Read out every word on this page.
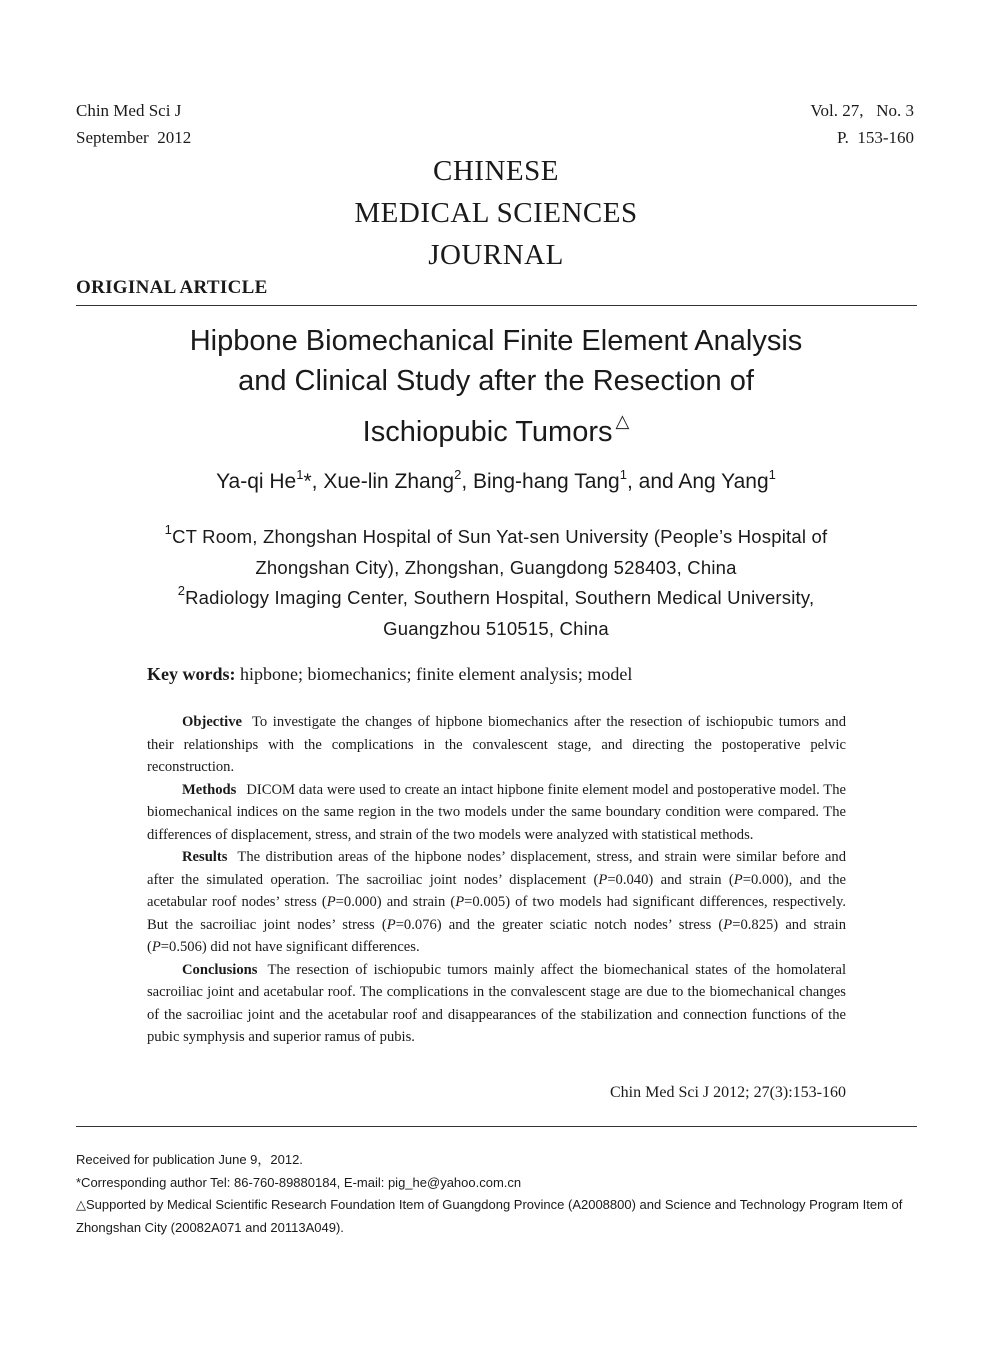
Chin Med Sci J
September  2012
Vol. 27,   No. 3
P.  153-160
CHINESE
MEDICAL SCIENCES
JOURNAL
ORIGINAL ARTICLE
Hipbone Biomechanical Finite Element Analysis
and Clinical Study after the Resection of
Ischiopubic Tumors △
Ya-qi He$^1$*, Xue-lin Zhang$^2$, Bing-hang Tang$^1$, and Ang Yang$^1$
$^1$CT Room, Zhongshan Hospital of Sun Yat-sen University (People’s Hospital of
Zhongshan City), Zhongshan, Guangdong 528403, China
$^2$Radiology Imaging Center, Southern Hospital, Southern Medical University,
Guangzhou 510515, China
Key words: hipbone; biomechanics; finite element analysis; model

Objective To investigate the changes of hipbone biomechanics after the resection of ischiopubic tumors and their relationships with the complications in the convalescent stage, and directing the postoperative pelvic reconstruction.

Methods DICOM data were used to create an intact hipbone finite element model and postoperative model. The biomechanical indices on the same region in the two models under the same boundary condition were compared. The differences of displacement, stress, and strain of the two models were analyzed with statistical methods.

Results The distribution areas of the hipbone nodes’ displacement, stress, and strain were similar before and after the simulated operation. The sacroiliac joint nodes’ displacement (P=0.040) and strain (P=0.000), and the acetabular roof nodes’ stress (P=0.000) and strain (P=0.005) of two models had significant differences, respectively. But the sacroiliac joint nodes’ stress (P=0.076) and the greater sciatic notch nodes’ stress (P=0.825) and strain (P=0.506) did not have significant differences.

Conclusions The resection of ischiopubic tumors mainly affect the biomechanical states of the homolateral sacroiliac joint and acetabular roof. The complications in the convalescent stage are due to the biomechanical changes of the sacroiliac joint and the acetabular roof and disappearances of the stabilization and connection functions of the pubic symphysis and superior ramus of pubis.

Chin Med Sci J 2012; 27(3):153-160
Received for publication June 9，2012.
*Corresponding author Tel: 86-760-89880184, E-mail: pig_he@yahoo.com.cn
△Supported by Medical Scientific Research Foundation Item of Guangdong Province (A2008800) and Science and Technology Program Item of Zhongshan City (20082A071 and 20113A049).
